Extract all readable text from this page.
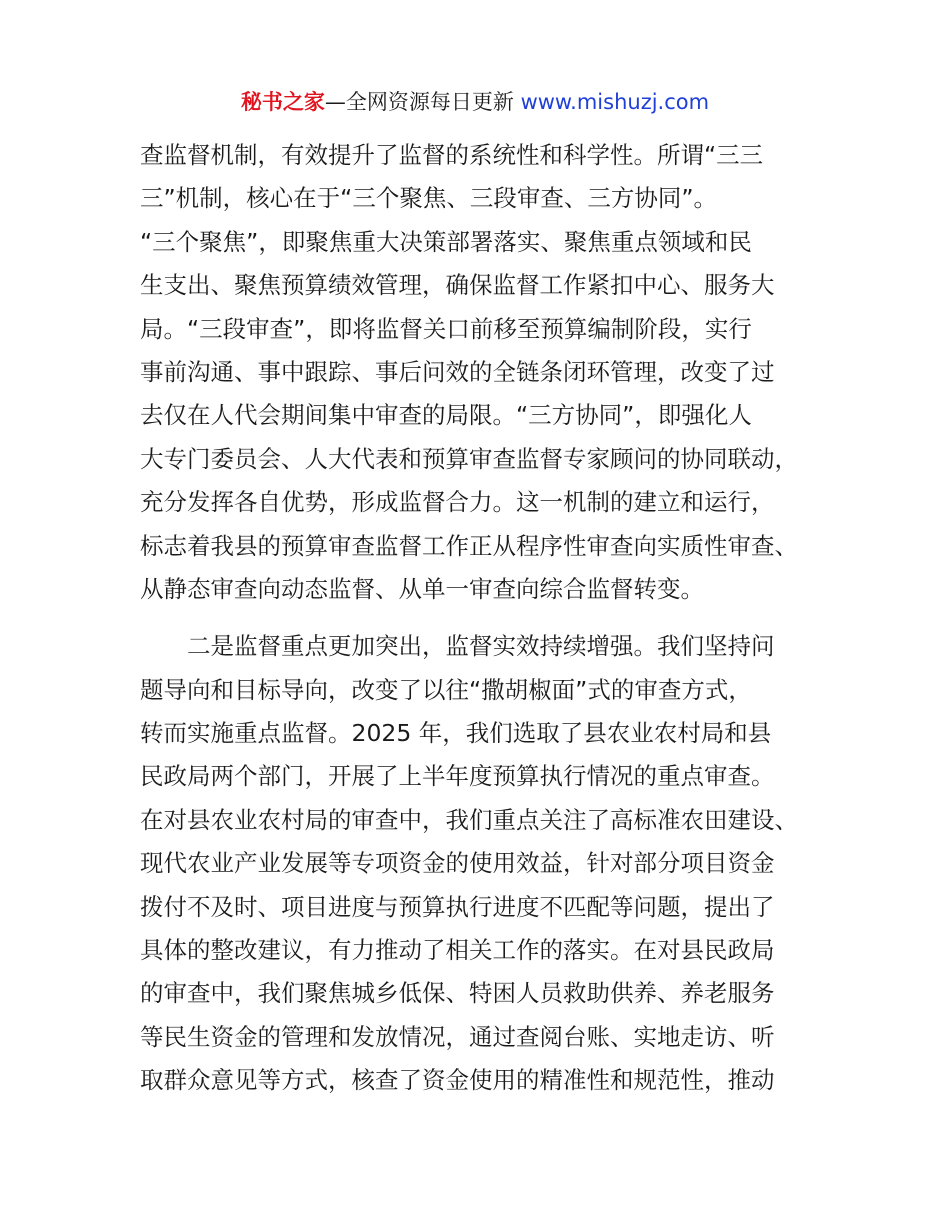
秘书之家—全网资源每日更新 www.mishuzj.com
查监督机制，有效提升了监督的系统性和科学性。所谓“三三
三”机制，核心在于“三个聚焦、三段审查、三方协同”。
“三个聚焦”，即聚焦重大决策部署落实、聚焦重点领域和民
生支出、聚焦预算绩效管理，确保监督工作紧扣中心、服务大
局。“三段审查”，即将监督关口前移至预算编制阶段，实行
事前沟通、事中跟踪、事后问效的全链条闭环管理，改变了过
去仅在人代会期间集中审查的局限。“三方协同”，即强化人
大专门委员会、人大代表和预算审查监督专家顾问的协同联动，
充分发挥各自优势，形成监督合力。这一机制的建立和运行，
标志着我县的预算审查监督工作正从程序性审查向实质性审查、
从静态审查向动态监督、从单一审查向综合监督转变。
二是监督重点更加突出，监督实效持续增强。我们坚持问
题导向和目标导向，改变了以往“撒胡椒面”式的审查方式，
转而实施重点监督。2025 年，我们选取了县农业农村局和县
民政局两个部门，开展了上半年度预算执行情况的重点审查。
在对县农业农村局的审查中，我们重点关注了高标准农田建设、
现代农业产业发展等专项资金的使用效益，针对部分项目资金
拨付不及时、项目进度与预算执行进度不匹配等问题，提出了
具体的整改建议，有力推动了相关工作的落实。在对县民政局
的审查中，我们聚焦城乡低保、特困人员救助供养、养老服务
等民生资金的管理和发放情况，通过查阅台账、实地走访、听
取群众意见等方式，核查了资金使用的精准性和规范性，推动
